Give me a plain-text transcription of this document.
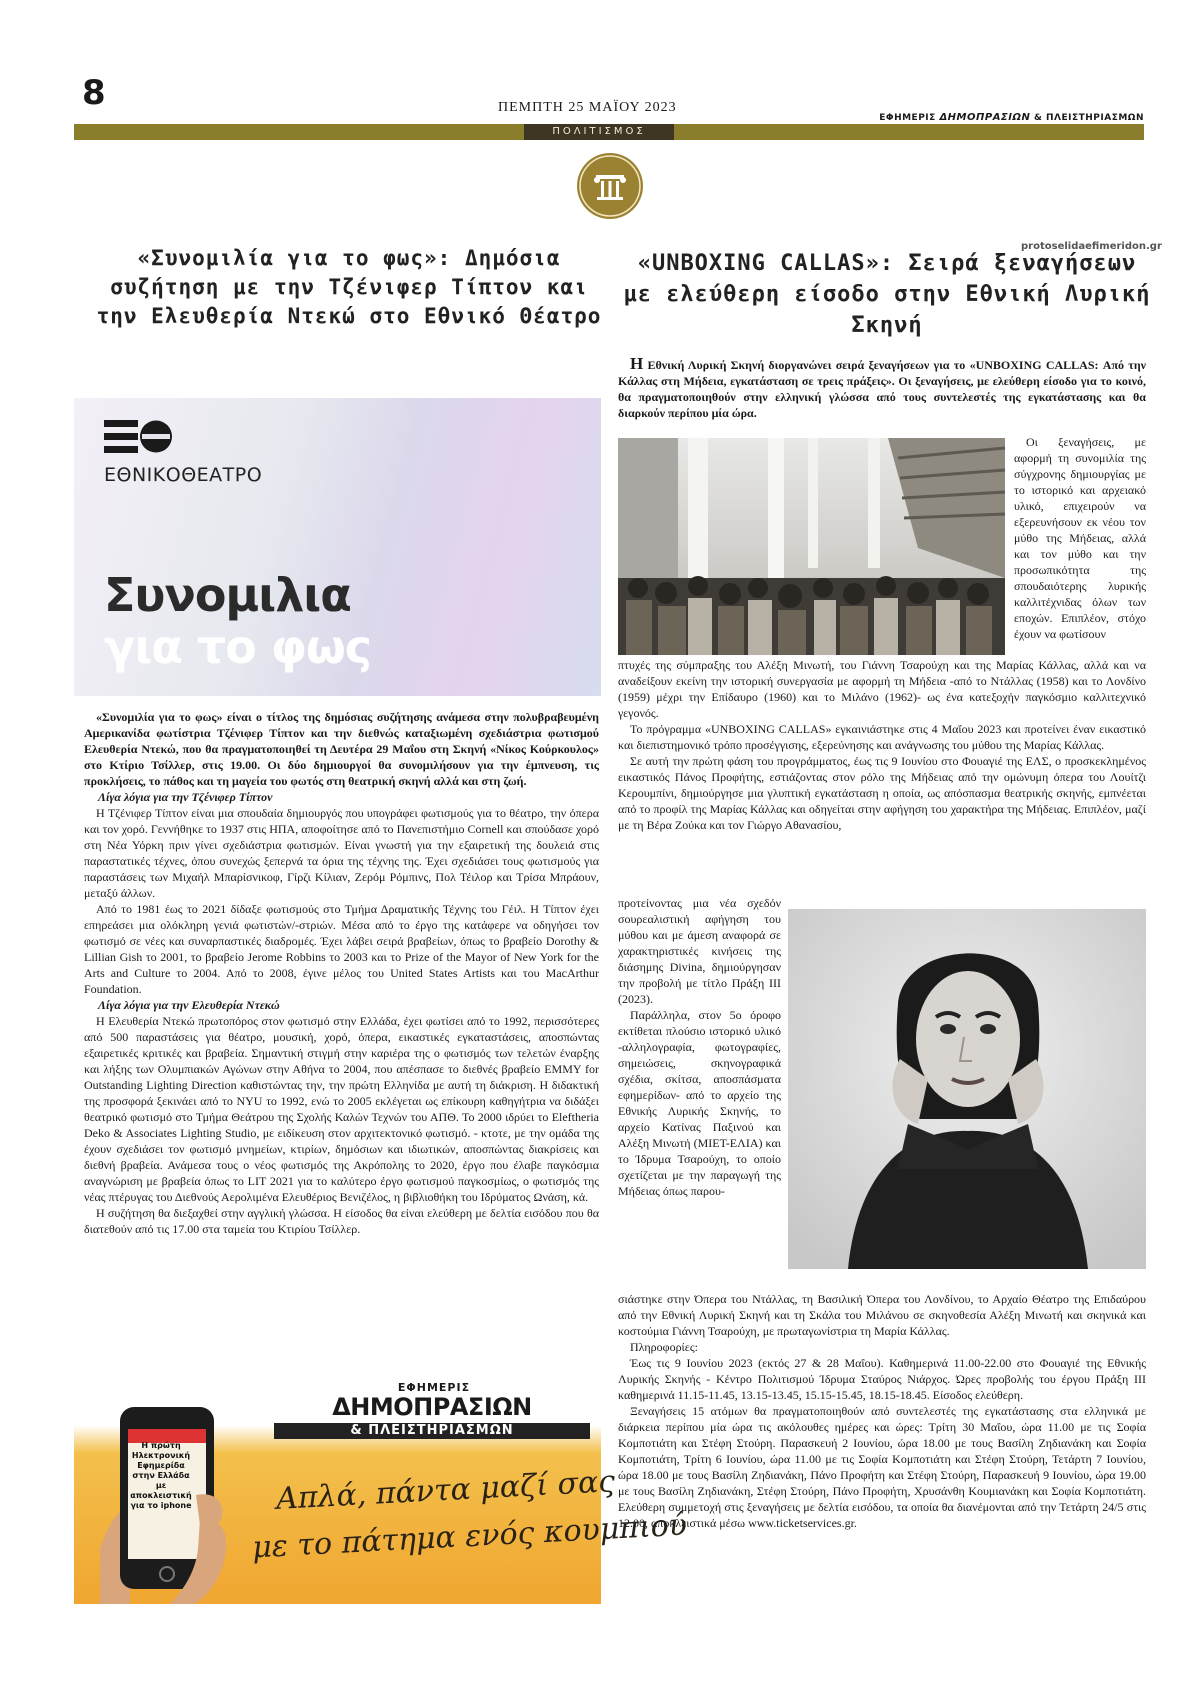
8	ΠΕΜΠΤΗ 25 ΜΑΪΟΥ 2023
ΕΦΗΜΕΡΙΣ ΔΗΜΟΠΡΑΣΙΩΝ & ΠΛΕΙΣΤΗΡΙΑΣΜΩΝ
ΠΟΛΙΤΙΣΜΟΣ
protoselidaefimeridon.gr
«Συνομιλία για το φως»: Δημόσια συζήτηση με την Τζένιφερ Τίπτον και την Ελευθερία Ντεκώ στο Εθνικό Θέατρο
ΕΘΝΙΚΟΘΕΑΤΡΟ
Συνομιλια
για το φως

«Συνομιλία για το φως» είναι ο τίτλος της δημόσιας συζήτησης ανάμεσα στην πολυβραβευμένη Αμερικανίδα φωτίστρια Τζένιφερ Τίπτον και την διεθνώς καταξιωμένη σχεδιάστρια φωτισμού Ελευθερία Ντεκώ, που θα πραγματοποιηθεί τη Δευτέρα 29 Μαΐου στη Σκηνή «Νίκος Κούρκουλος» στο Κτίριο Τσίλλερ, στις 19.00. Οι δύο δημιουργοί θα συνομιλήσουν για την έμπνευση, τις προκλήσεις, το πάθος και τη μαγεία του φωτός στη θεατρική σκηνή αλλά και στη ζωή.

Λίγα λόγια για την Τζένιφερ Τίπτον

Η Τζένιφερ Τίπτον είναι μια σπουδαία δημιουργός που υπογράφει φωτισμούς για το θέατρο, την όπερα και τον χορό. Γεννήθηκε το 1937 στις ΗΠΑ, αποφοίτησε από το Πανεπιστήμιο Cornell και σπούδασε χορό στη Νέα Υόρκη πριν γίνει σχεδιάστρια φωτισμών. Είναι γνωστή για την εξαιρετική της δουλειά στις παραστατικές τέχνες, όπου συνεχώς ξεπερνά τα όρια της τέχνης της. Έχει σχεδιάσει τους φωτισμούς για παραστάσεις των Μιχαήλ Μπαρίσνικοφ, Γίρζι Κίλιαν, Ζερόμ Ρόμπινς, Πολ Τέιλορ και Τρίσα Μπράουν, μεταξύ άλλων.

Από το 1981 έως το 2021 δίδαξε φωτισμούς στο Τμήμα Δραματικής Τέχνης του Γέιλ. Η Τίπτον έχει επηρεάσει μια ολόκληρη γενιά φωτιστών/-στριών. Μέσα από το έργο της κατάφερε να οδηγήσει τον φωτισμό σε νέες και συναρπαστικές διαδρομές. Έχει λάβει σειρά βραβείων, όπως το βραβείο Dorothy & Lillian Gish το 2001, το βραβείο Jerome Robbins το 2003 και το Prize of the Mayor of New York for the Arts and Culture το 2004. Από το 2008, έγινε μέλος του United States Artists και του MacArthur Foundation.

Λίγα λόγια για την Ελευθερία Ντεκώ

Η Ελευθερία Ντεκώ πρωτοπόρος στον φωτισμό στην Ελλάδα, έχει φωτίσει από το 1992, περισσότερες από 500 παραστάσεις για θέατρο, μουσική, χορό, όπερα, εικαστικές εγκαταστάσεις, αποσπώντας εξαιρετικές κριτικές και βραβεία. Σημαντική στιγμή στην καριέρα της ο φωτισμός των τελετών έναρξης και λήξης των Ολυμπιακών Αγώνων στην Αθήνα το 2004, που απέσπασε το διεθνές βραβείο EMMY for Outstanding Lighting Direction καθιστώντας την, την πρώτη Ελληνίδα με αυτή τη διάκριση. Η διδακτική της προσφορά ξεκινάει από το NYU το 1992, ενώ το 2005 εκλέγεται ως επίκουρη καθηγήτρια να διδάξει θεατρικό φωτισμό στο Τμήμα Θεάτρου της Σχολής Καλών Τεχνών του ΑΠΘ. Το 2000 ιδρύει το Eleftheria Deko & Associates Lighting Studio, με ειδίκευση στον αρχιτεκτονικό φωτισμό. - κτοτε, με την ομάδα της έχουν σχεδιάσει τον φωτισμό μνημείων, κτιρίων, δημόσιων και ιδιωτικών, αποσπώντας διακρίσεις και διεθνή βραβεία. Ανάμεσα τους ο νέος φωτισμός της Ακρόπολης το 2020, έργο που έλαβε παγκόσμια αναγνώριση με βραβεία όπως το LIT 2021 για το καλύτερο έργο φωτισμού παγκοσμίως, ο φωτισμός της νέας πτέρυγας του Διεθνούς Αερολιμένα Ελευθέριος Βενιζέλος, η βιβλιοθήκη του Ιδρύματος Ωνάση, κά.

Η συζήτηση θα διεξαχθεί στην αγγλική γλώσσα. Η είσοδος θα είναι ελεύθερη με δελτία εισόδου που θα διατεθούν από τις 17.00 στα ταμεία του Κτιρίου Τσίλλερ.

ΕΦΗΜΕΡΙΣ
ΔΗΜΟΠΡΑΣΙΩΝ
& ΠΛΕΙΣΤΗΡΙΑΣΜΩΝ
Η πρώτη Ηλεκτρονική Εφημερίδα στην Ελλάδα με αποκλειστική για το iphone	Απλά, πάντα μαζί σας
με το πάτημα ενός κουμπιού
«UNBOXING CALLAS»: Σειρά ξεναγήσεων με ελεύθερη είσοδο στην Εθνική Λυρική Σκηνή

Η Εθνική Λυρική Σκηνή διοργανώνει σειρά ξεναγήσεων για το «UNBOXING CALLAS: Από την Κάλλας στη Μήδεια, εγκατάσταση σε τρεις πράξεις». Οι ξεναγήσεις, με ελεύθερη είσοδο για το κοινό, θα πραγματοποιηθούν στην ελληνική γλώσσα από τους συντελεστές της εγκατάστασης και θα διαρκούν περίπου μία ώρα.

Οι ξεναγήσεις, με αφορμή τη συνομιλία της σύγχρονης δημιουργίας με το ιστορικό και αρχειακό υλικό, επιχειρούν να εξερευνήσουν εκ νέου τον μύθο της Μήδειας, αλλά και τον μύθο και την προσωπικότητα της σπουδαιότερης λυρικής καλλιτέχνιδας όλων των εποχών. Επιπλέον, στόχο έχουν να φωτίσουν

πτυχές της σύμπραξης του Αλέξη Μινωτή, του Γιάννη Τσαρούχη και της Μαρίας Κάλλας, αλλά και να αναδείξουν εκείνη την ιστορική συνεργασία με αφορμή τη Μήδεια -από το Ντάλλας (1958) και το Λονδίνο (1959) μέχρι την Επίδαυρο (1960) και το Μιλάνο (1962)- ως ένα κατεξοχήν παγκόσμιο καλλιτεχνικό γεγονός.

Το πρόγραμμα «UNBOXING CALLAS» εγκαινιάστηκε στις 4 Μαΐου 2023 και προτείνει έναν εικαστικό και διεπιστημονικό τρόπο προσέγγισης, εξερεύνησης και ανάγνωσης του μύθου της Μαρίας Κάλλας.

Σε αυτή την πρώτη φάση του προγράμματος, έως τις 9 Ιουνίου στο Φουαγιέ της ΕΛΣ, ο προσκεκλημένος εικαστικός Πάνος Προφήτης, εστιάζοντας στον ρόλο της Μήδειας από την ομώνυμη όπερα του Λουίτζι Κερουμπίνι, δημιούργησε μια γλυπτική εγκατάσταση η οποία, ως απόσπασμα θεατρικής σκηνής, εμπνέεται από το προφίλ της Μαρίας Κάλλας και οδηγείται στην αφήγηση του χαρακτήρα της Μήδειας. Επιπλέον, μαζί με τη Βέρα Ζούκα και τον Γιώργο Αθανασίου,

προτείνοντας μια νέα σχεδόν σουρεαλιστική αφήγηση του μύθου και με άμεση αναφορά σε χαρακτηριστικές κινήσεις της διάσημης Divina, δημιούργησαν την προβολή με τίτλο Πράξη ΙΙΙ (2023).

Παράλληλα, στον 5ο όροφο εκτίθεται πλούσιο ιστορικό υλικό -αλληλογραφία, φωτογραφίες, σημειώσεις, σκηνογραφικά σχέδια, σκίτσα, αποσπάσματα εφημερίδων- από το αρχείο της Εθνικής Λυρικής Σκηνής, το αρχείο Κατίνας Παξινού και Αλέξη Μινωτή (ΜΙΕΤ-ΕΛΙΑ) και το Ίδρυμα Τσαρούχη, το οποίο σχετίζεται με την παραγωγή της Μήδειας όπως παρου-

σιάστηκε στην Όπερα του Ντάλλας, τη Βασιλική Όπερα του Λονδίνου, το Αρχαίο Θέατρο της Επιδαύρου από την Εθνική Λυρική Σκηνή και τη Σκάλα του Μιλάνου σε σκηνοθεσία Αλέξη Μινωτή και σκηνικά και κοστούμια Γιάννη Τσαρούχη, με πρωταγωνίστρια τη Μαρία Κάλλας.

Πληροφορίες:

Έως τις 9 Ιουνίου 2023 (εκτός 27 & 28 Μαΐου). Καθημερινά 11.00-22.00 στο Φουαγιέ της Εθνικής Λυρικής Σκηνής - Κέντρο Πολιτισμού Ίδρυμα Σταύρος Νιάρχος. Ώρες προβολής του έργου Πράξη ΙΙΙ καθημερινά 11.15-11.45, 13.15-13.45, 15.15-15.45, 18.15-18.45. Είσοδος ελεύθερη.

Ξεναγήσεις 15 ατόμων θα πραγματοποιηθούν από συντελεστές της εγκατάστασης στα ελληνικά με διάρκεια περίπου μία ώρα τις ακόλουθες ημέρες και ώρες: Τρίτη 30 Μαΐου, ώρα 11.00 με τις Σοφία Κομποτιάτη και Στέφη Στούρη. Παρασκευή 2 Ιουνίου, ώρα 18.00 με τους Βασίλη Ζηδιανάκη και Σοφία Κομποτιάτη, Τρίτη 6 Ιουνίου, ώρα 11.00 με τις Σοφία Κομποτιάτη και Στέφη Στούρη, Τετάρτη 7 Ιουνίου, ώρα 18.00 με τους Βασίλη Ζηδιανάκη, Πάνο Προφήτη και Στέφη Στούρη, Παρασκευή 9 Ιουνίου, ώρα 19.00 με τους Βασίλη Ζηδιανάκη, Στέφη Στούρη, Πάνο Προφήτη, Χρυσάνθη Κουμιανάκη και Σοφία Κομποτιάτη. Ελεύθερη συμμετοχή στις ξεναγήσεις με δελτία εισόδου, τα οποία θα διανέμονται από την Τετάρτη 24/5 στις 12.00, αποκλειστικά μέσω www.ticketservices.gr.
